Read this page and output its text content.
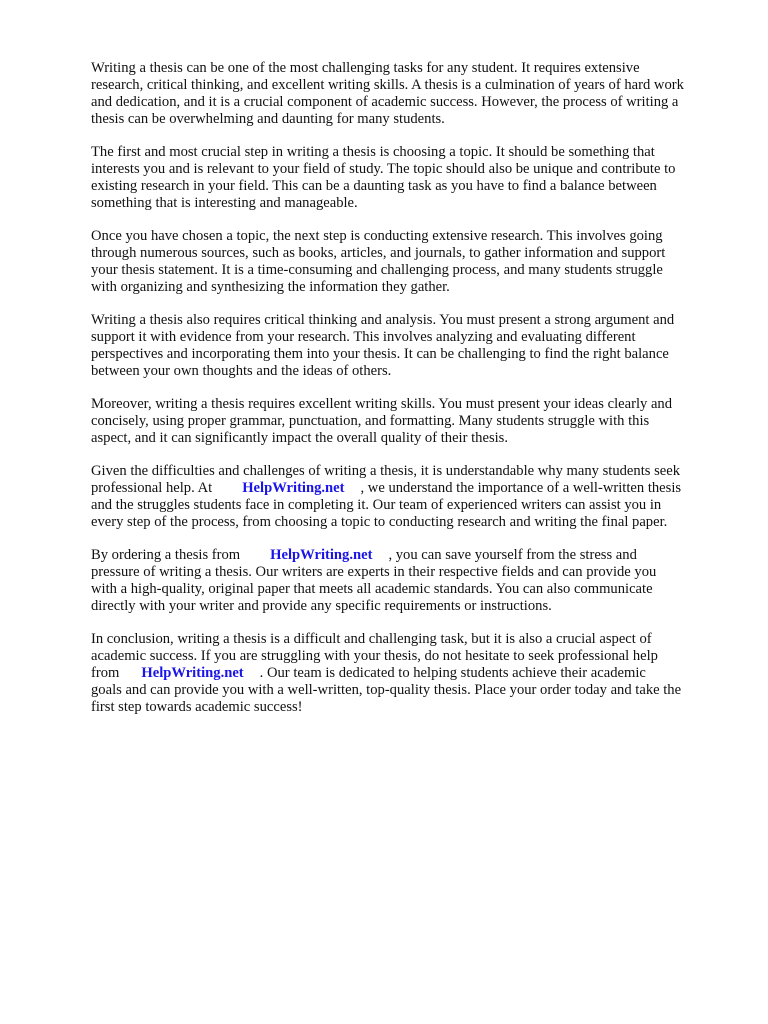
Writing a thesis can be one of the most challenging tasks for any student. It requires extensive
research, critical thinking, and excellent writing skills. A thesis is a culmination of years of hard work
and dedication, and it is a crucial component of academic success. However, the process of writing a
thesis can be overwhelming and daunting for many students.

The first and most crucial step in writing a thesis is choosing a topic. It should be something that
interests you and is relevant to your field of study. The topic should also be unique and contribute to
existing research in your field. This can be a daunting task as you have to find a balance between
something that is interesting and manageable.

Once you have chosen a topic, the next step is conducting extensive research. This involves going
through numerous sources, such as books, articles, and journals, to gather information and support
your thesis statement. It is a time-consuming and challenging process, and many students struggle
with organizing and synthesizing the information they gather.

Writing a thesis also requires critical thinking and analysis. You must present a strong argument and
support it with evidence from your research. This involves analyzing and evaluating different
perspectives and incorporating them into your thesis. It can be challenging to find the right balance
between your own thoughts and the ideas of others.

Moreover, writing a thesis requires excellent writing skills. You must present your ideas clearly and
concisely, using proper grammar, punctuation, and formatting. Many students struggle with this
aspect, and it can significantly impact the overall quality of their thesis.

Given the difficulties and challenges of writing a thesis, it is understandable why many students seek
professional help. At HelpWriting.net , we understand the importance of a well-written thesis
and the struggles students face in completing it. Our team of experienced writers can assist you in
every step of the process, from choosing a topic to conducting research and writing the final paper.

By ordering a thesis from HelpWriting.net , you can save yourself from the stress and
pressure of writing a thesis. Our writers are experts in their respective fields and can provide you
with a high-quality, original paper that meets all academic standards. You can also communicate
directly with your writer and provide any specific requirements or instructions.

In conclusion, writing a thesis is a difficult and challenging task, but it is also a crucial aspect of
academic success. If you are struggling with your thesis, do not hesitate to seek professional help
from HelpWriting.net . Our team is dedicated to helping students achieve their academic
goals and can provide you with a well-written, top-quality thesis. Place your order today and take the
first step towards academic success!
